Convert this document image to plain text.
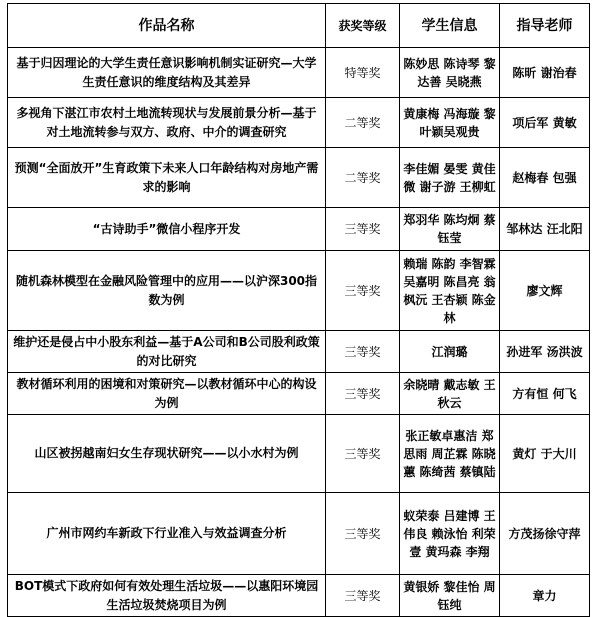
作品名称	获奖等级	学生信息	指导老师
基于归因理论的大学生责任意识影响机制实证研究—大学生责任意识的维度结构及其差异	特等奖	陈妙思 陈诗琴 黎达善 吴晓燕	陈昕 谢治春
多视角下湛江市农村土地流转现状与发展前景分析—基于对土地流转参与双方、政府、中介的调查研究	二等奖	黄康梅 冯海璇 黎叶颖吴观贵	项后军 黄敏
预测“全面放开”生育政策下未来人口年龄结构对房地产需求的影响	二等奖	李佳媚 晏雯 黄佳微 谢子游 王柳虹	赵梅春 包强
“古诗助手”微信小程序开发	三等奖	郑羽华 陈均炯 蔡钰莹	邹林达 汪北阳
随机森林模型在金融风险管理中的应用——以沪深300指数为例	三等奖	赖瑞 陈韵 李智霖 吴嘉明 陈昌亮 翁枫沅 王杏颖 陈金林	廖文辉
维护还是侵占中小股东利益—基于A公司和B公司股利政策的对比研究	三等奖	江润璐	孙进军 汤洪波
教材循环利用的困境和对策研究—以教材循环中心的构设为例	三等奖	余晓晴 戴志敏 王秋云	方有恒 何飞
山区被拐越南妇女生存现状研究——以小水村为例	三等奖	张正敏卓惠洁 郑思雨 周芷霖 陈晓蕙 陈绮茜 蔡镇陆	黄灯 于大川
广州市网约车新政下行业准入与效益调查分析	三等奖	蚁荣泰 吕建博 王伟良 赖泳怡 利荣壹 黄玛森 李翔	方茂扬徐守萍
BOT模式下政府如何有效处理生活垃圾——以惠阳环境园生活垃圾焚烧项目为例	三等奖	黄银娇 黎佳怡 周钰纯	章力
